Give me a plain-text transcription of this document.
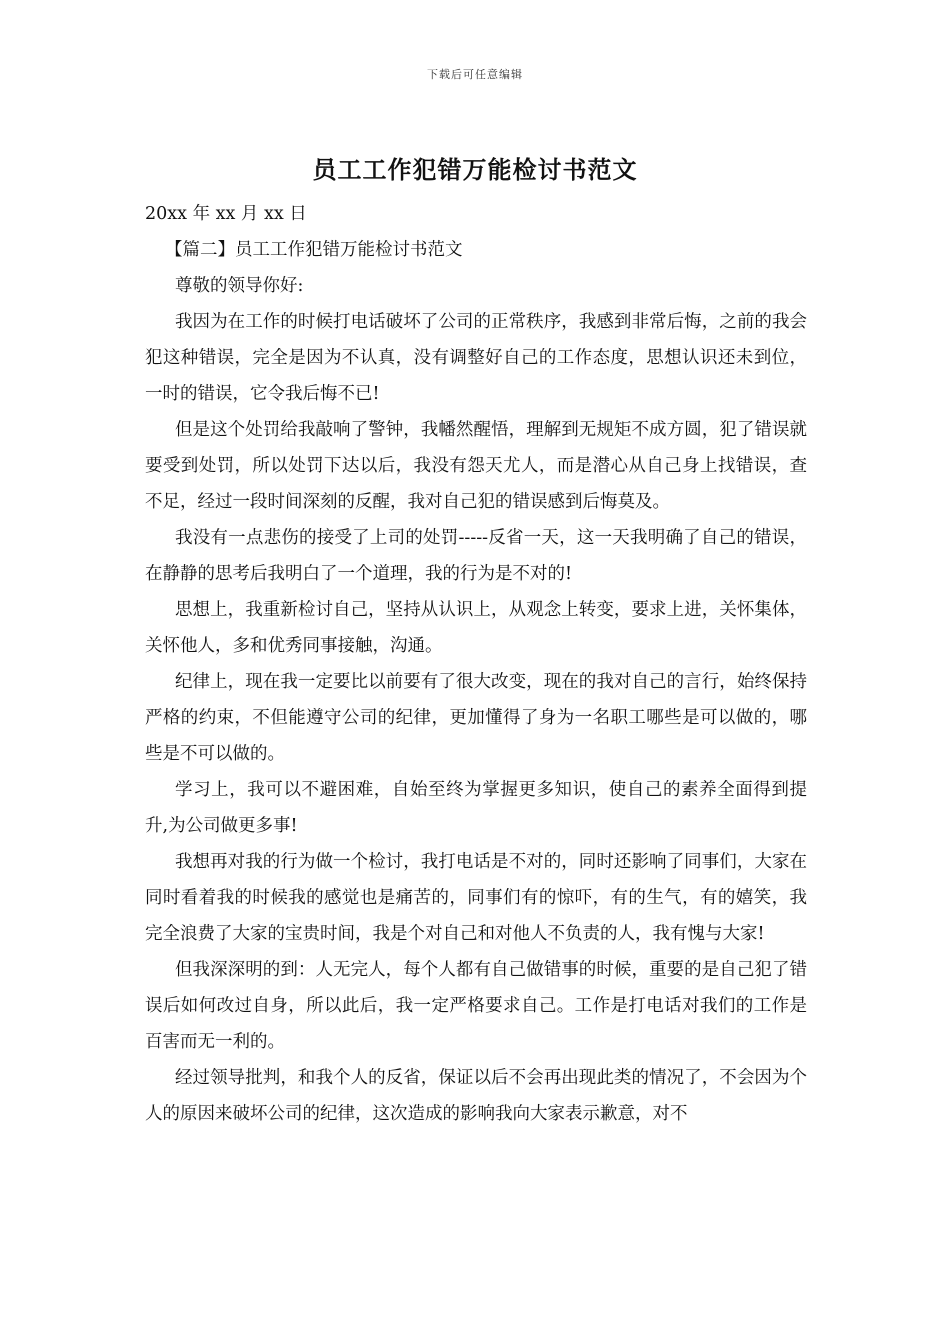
下载后可任意编辑
员工工作犯错万能检讨书范文

20xx 年 xx 月 xx 日

【篇二】员工工作犯错万能检讨书范文

尊敬的领导你好:

我因为在工作的时候打电话破坏了公司的正常秩序，我感到非常后悔，之前的我会犯这种错误，完全是因为不认真，没有调整好自己的工作态度，思想认识还未到位，一时的错误，它令我后悔不已!

但是这个处罚给我敲响了警钟，我幡然醒悟，理解到无规矩不成方圆，犯了错误就要受到处罚，所以处罚下达以后，我没有怨天尤人，而是潜心从自己身上找错误，查不足，经过一段时间深刻的反醒，我对自己犯的错误感到后悔莫及。

我没有一点悲伤的接受了上司的处罚-----反省一天，这一天我明确了自己的错误，在静静的思考后我明白了一个道理，我的行为是不对的!

思想上，我重新检讨自己，坚持从认识上，从观念上转变，要求上进，关怀集体，关怀他人，多和优秀同事接触，沟通。

纪律上，现在我一定要比以前要有了很大改变，现在的我对自己的言行，始终保持严格的约束，不但能遵守公司的纪律，更加懂得了身为一名职工哪些是可以做的，哪些是不可以做的。

学习上，我可以不避困难，自始至终为掌握更多知识，使自己的素养全面得到提升,为公司做更多事!

我想再对我的行为做一个检讨，我打电话是不对的，同时还影响了同事们，大家在同时看着我的时候我的感觉也是痛苦的，同事们有的惊吓，有的生气，有的嬉笑，我完全浪费了大家的宝贵时间，我是个对自己和对他人不负责的人，我有愧与大家!

但我深深明的到：人无完人，每个人都有自己做错事的时候，重要的是自己犯了错误后如何改过自身，所以此后，我一定严格要求自己。工作是打电话对我们的工作是百害而无一利的。

经过领导批判，和我个人的反省，保证以后不会再出现此类的情况了，不会因为个人的原因来破坏公司的纪律，这次造成的影响我向大家表示歉意，对不
